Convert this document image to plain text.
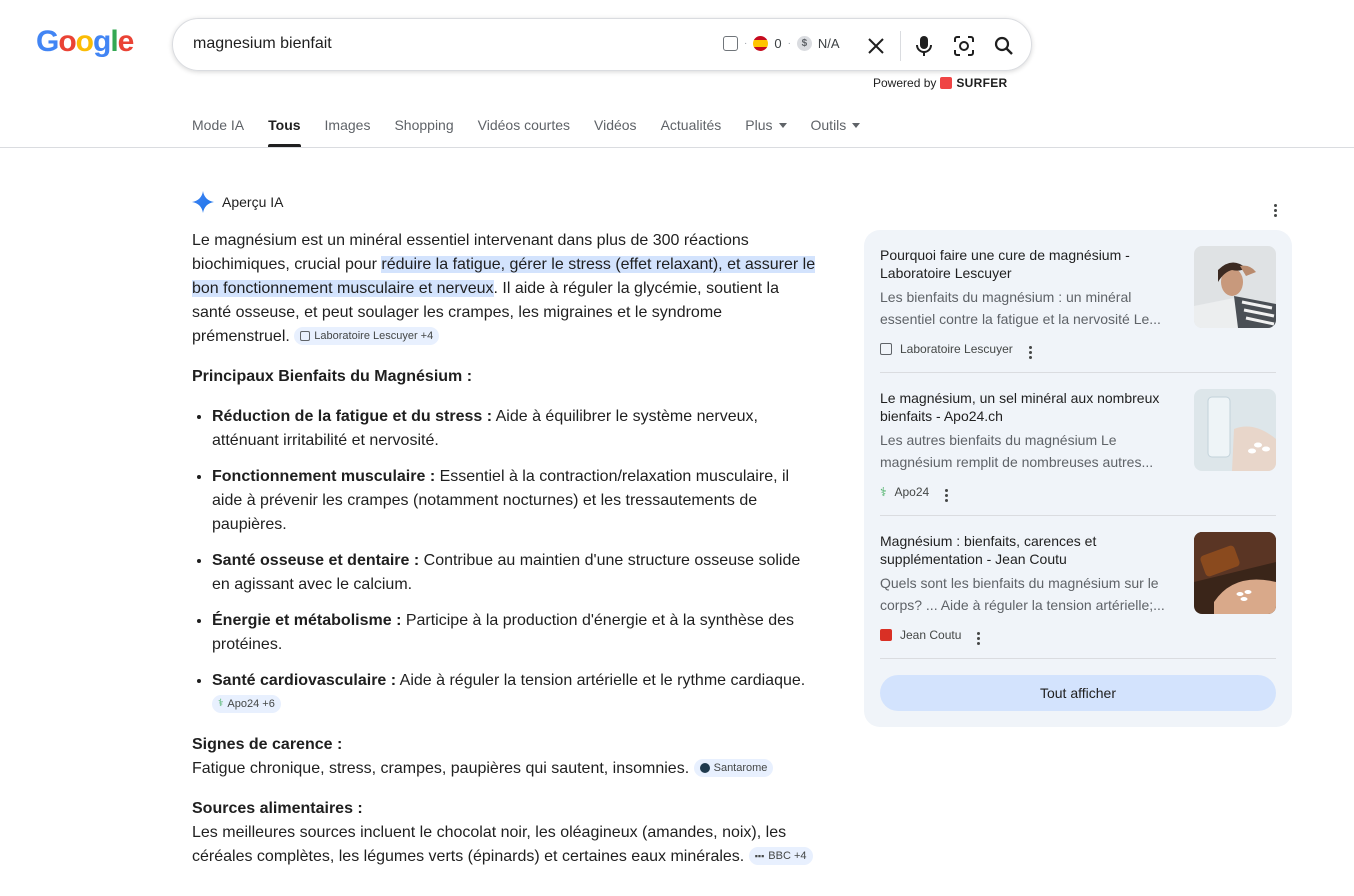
Google	magnesium bienfait	· 0 ·	$ N/A
Powered by SURFER
Mode IA Tous Images Shopping Vidéos courtes Vidéos Actualités Plus	Outils
Aperçu IA

Le magnésium est un minéral essentiel intervenant dans plus de 300 réactions biochimiques, crucial pour réduire la fatigue, gérer le stress (effet relaxant), et assurer le bon fonctionnement musculaire et nerveux. Il aide à réguler la glycémie, soutient la santé osseuse, et peut soulager les crampes, les migraines et le syndrome prémenstruel. Laboratoire Lescuyer +4

Principaux Bienfaits du Magnésium :

• Réduction de la fatigue et du stress : Aide à équilibrer le système nerveux, atténuant irritabilité et nervosité.
• Fonctionnement musculaire : Essentiel à la contraction/relaxation musculaire, il aide à prévenir les crampes (notamment nocturnes) et les tressautements de paupières.
• Santé osseuse et dentaire : Contribue au maintien d'une structure osseuse solide en agissant avec le calcium.
• Énergie et métabolisme : Participe à la production d'énergie et à la synthèse des protéines.
• Santé cardiovasculaire : Aide à réguler la tension artérielle et le rythme cardiaque.
⚕ Apo24 +6

Signes de carence :

Fatigue chronique, stress, crampes, paupières qui sautent, insomnies. Santarome

Sources alimentaires :

Les meilleures sources incluent le chocolat noir, les oléagineux (amandes, noix), les céréales complètes, les légumes verts (épinards) et certaines eaux minérales. ▪▪▪ BBC +4

Pourquoi faire une cure de magnésium - Laboratoire Lescuyer
Les bienfaits du magnésium : un minéral essentiel contre la fatigue et la nervosité Le...
Laboratoire Lescuyer
Le magnésium, un sel minéral aux nombreux bienfaits - Apo24.ch
Les autres bienfaits du magnésium Le magnésium remplit de nombreuses autres...
⚕ Apo24
Magnésium : bienfaits, carences et supplémentation - Jean Coutu
Quels sont les bienfaits du magnésium sur le corps? ... Aide à réguler la tension artérielle;...
Jean Coutu
Tout afficher
